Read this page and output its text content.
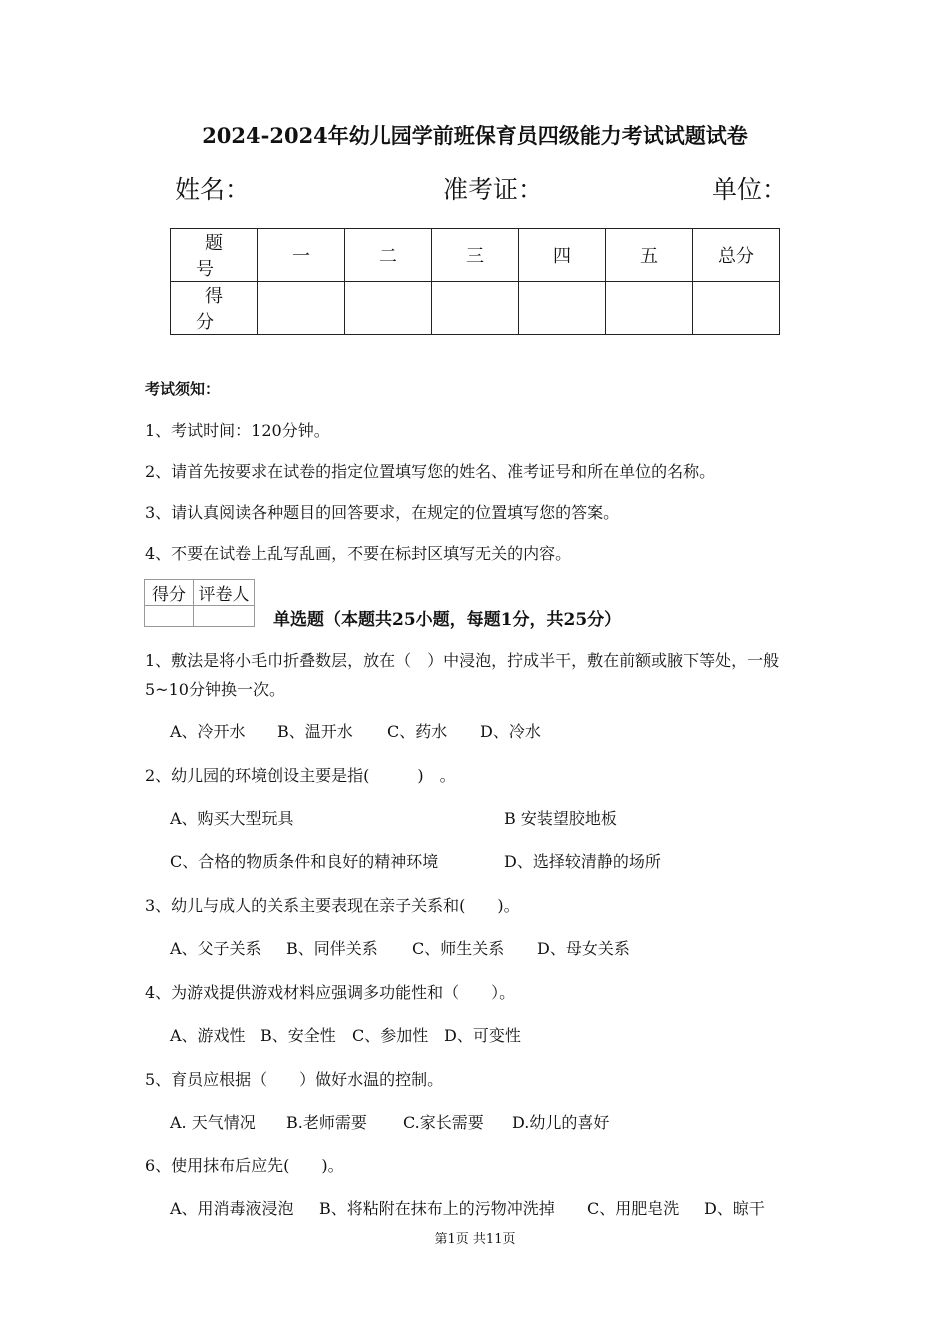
2024-2024年幼儿园学前班保育员四级能力考试试题试卷
姓名：	准考证：	单位：
题号	一	二	三	四	五	总分
得分						
考试须知：
1、考试时间：120分钟。
2、请首先按要求在试卷的指定位置填写您的姓名、准考证号和所在单位的名称。
3、请认真阅读各种题目的回答要求，在规定的位置填写您的答案。
4、不要在试卷上乱写乱画，不要在标封区填写无关的内容。
得分	评卷人

单选题（本题共25小题，每题1分，共25分）
1、敷法是将小毛巾折叠数层，放在（　）中浸泡，拧成半干，敷在前额或腋下等处，一般
5~10分钟换一次。
A、冷开水 B、温开水 C、药水 D、冷水
2、幼儿园的环境创设主要是指(　　　)　。
A、购买大型玩具	B 安装望胶地板
C、合格的物质条件和良好的精神环境	D、选择较清静的场所
3、幼儿与成人的关系主要表现在亲子关系和(　　)。
A、父子关系 B、同伴关系 C、师生关系 D、母女关系
4、为游戏提供游戏材料应强调多功能性和（　　）。
A、游戏性 B、安全性 C、参加性 D、可变性
5、育员应根据（　　）做好水温的控制。
A. 天气情况 B.老师需要 C.家长需要 D.幼儿的喜好
6、使用抹布后应先(　　)。
A、用消毒液浸泡 B、将粘附在抹布上的污物冲洗掉 C、用肥皂洗 D、晾干
第1页 共11页
